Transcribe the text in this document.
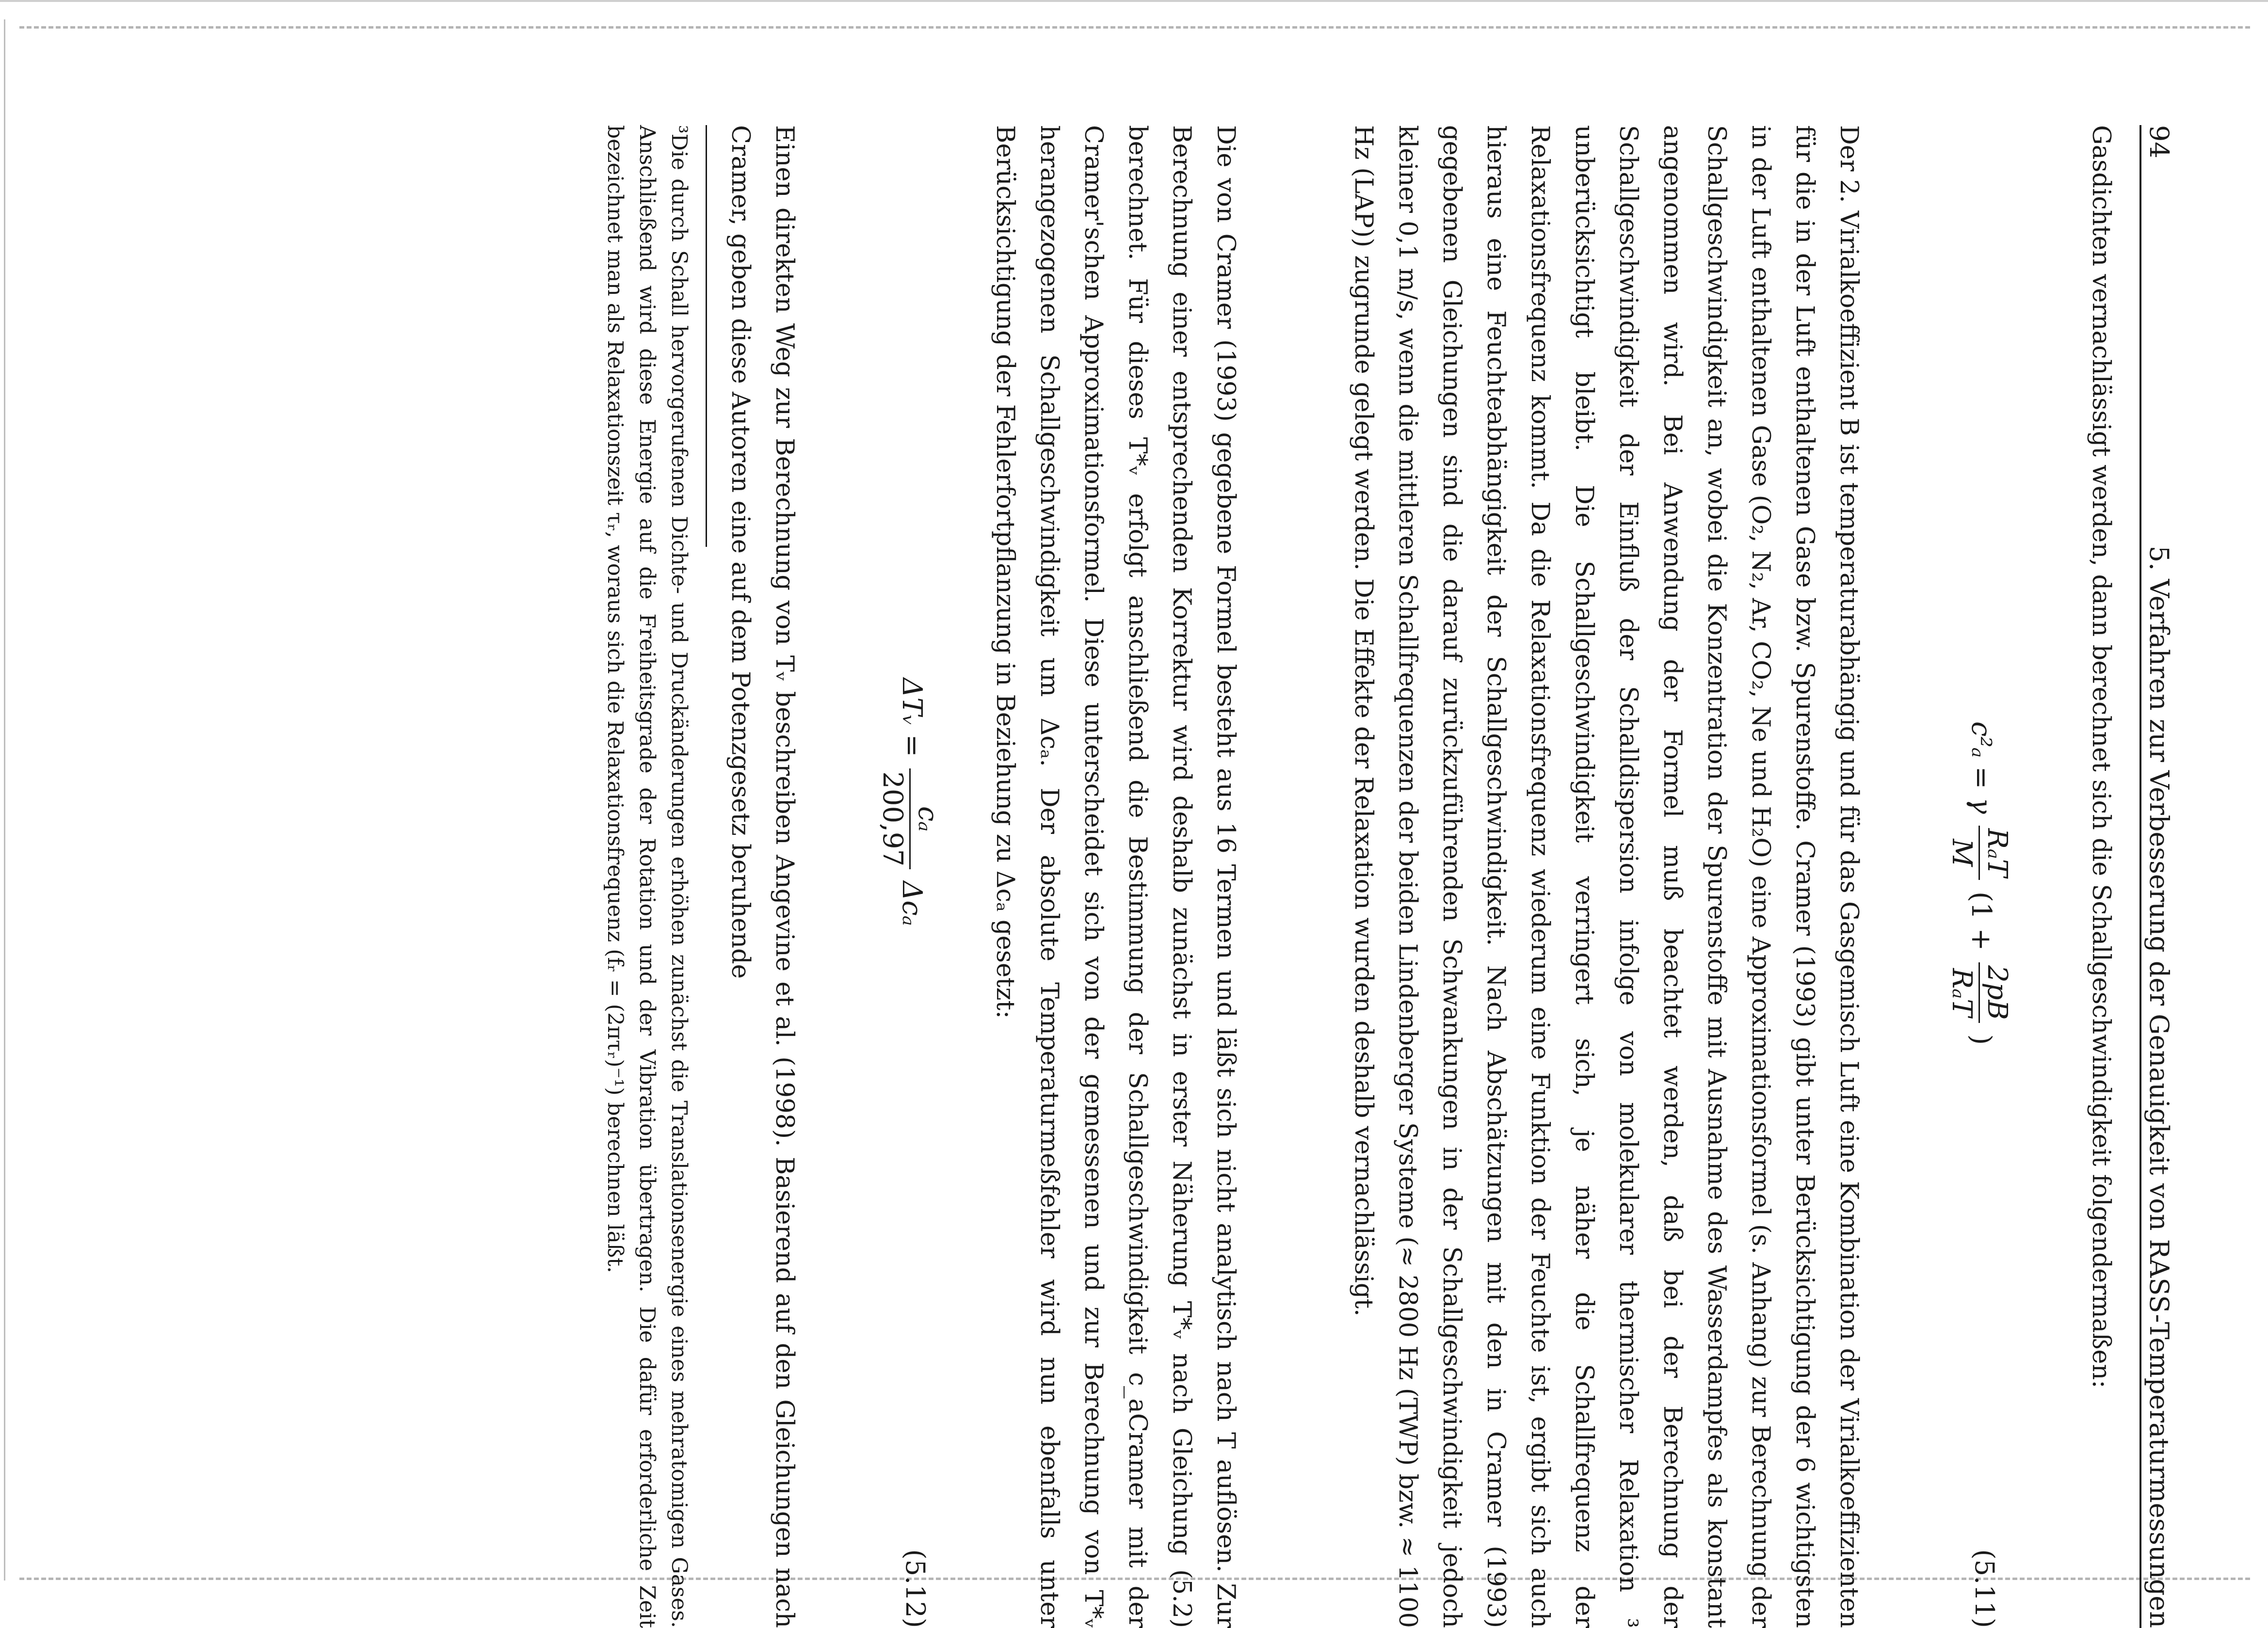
94
5. Verfahren zur Verbesserung der Genauigkeit von RASS-Temperaturmessungen
Gasdichten vernachlässigt werden, dann berechnet sich die Schallgeschwindigkeit folgendermaßen:
c²ₐ = γ
RₐT
M
(1 +
2pB
RₐT
)
(5.11)
Der 2. Virialkoeffizient B ist temperaturabhängig und für das Gasgemisch Luft eine Kombination der Virialkoeffizienten für die in der Luft enthaltenen Gase bzw. Spurenstoffe. Cramer (1993) gibt unter Berücksichtigung der 6 wichtigsten in der Luft enthaltenen Gase (O₂, N₂, Ar, CO₂, Ne und H₂O) eine Approximationsformel (s. Anhang) zur Berechnung der Schallgeschwindigkeit an, wobei die Konzentration der Spurenstoffe mit Ausnahme des Wasserdampfes als konstant angenommen wird. Bei Anwendung der Formel muß beachtet werden, daß bei der Berechnung der Schallgeschwindigkeit der Einfluß der Schalldispersion infolge von molekularer thermischer Relaxation ³ unberücksichtigt bleibt. Die Schallgeschwindigkeit verringert sich, je näher die Schallfrequenz der Relaxationsfrequenz kommt. Da die Relaxationsfrequenz wiederum eine Funktion der Feuchte ist, ergibt sich auch hieraus eine Feuchteabhängigkeit der Schallgeschwindigkeit. Nach Abschätzungen mit den in Cramer (1993) gegebenen Gleichungen sind die darauf zurückzuführenden Schwankungen in der Schallgeschwindigkeit jedoch kleiner 0,1 m/s, wenn die mittleren Schallfrequenzen der beiden Lindenberger Systeme (≈ 2800 Hz (TWP) bzw. ≈ 1100 Hz (LAP)) zugrunde gelegt werden. Die Effekte der Relaxation wurden deshalb vernachlässigt.
Die von Cramer (1993) gegebene Formel besteht aus 16 Termen und läßt sich nicht analytisch nach T auflösen. Zur Berechnung einer entsprechenden Korrektur wird deshalb zunächst in erster Näherung T*ᵥ nach Gleichung (5.2) berechnet. Für dieses T*ᵥ erfolgt anschließend die Bestimmung der Schallgeschwindigkeit c_aCramer mit der Cramer'schen Approximationsformel. Diese unterscheidet sich von der gemessenen und zur Berechnung von T*ᵥ herangezogenen Schallgeschwindigkeit um Δcₐ. Der absolute Temperaturmeßfehler wird nun ebenfalls unter Berücksichtigung der Fehlerfortpflanzung in Beziehung zu Δcₐ gesetzt:
ΔTᵥ =
cₐ
200,97
Δcₐ
(5.12)
Einen direkten Weg zur Berechnung von Tᵥ beschreiben Angevine et al. (1998). Basierend auf den Gleichungen nach Cramer, geben diese Autoren eine auf dem Potenzgesetz beruhende
³Die durch Schall hervorgerufenen Dichte- und Druckänderungen erhöhen zunächst die Translationsenergie eines mehratomigen Gases. Anschließend wird diese Energie auf die Freiheitsgrade der Rotation und der Vibration übertragen. Die dafür erforderliche Zeit bezeichnet man als Relaxationszeit τᵣ, woraus sich die Relaxationsfrequenz (fᵣ = (2πτᵣ)⁻¹) berechnen läßt.
